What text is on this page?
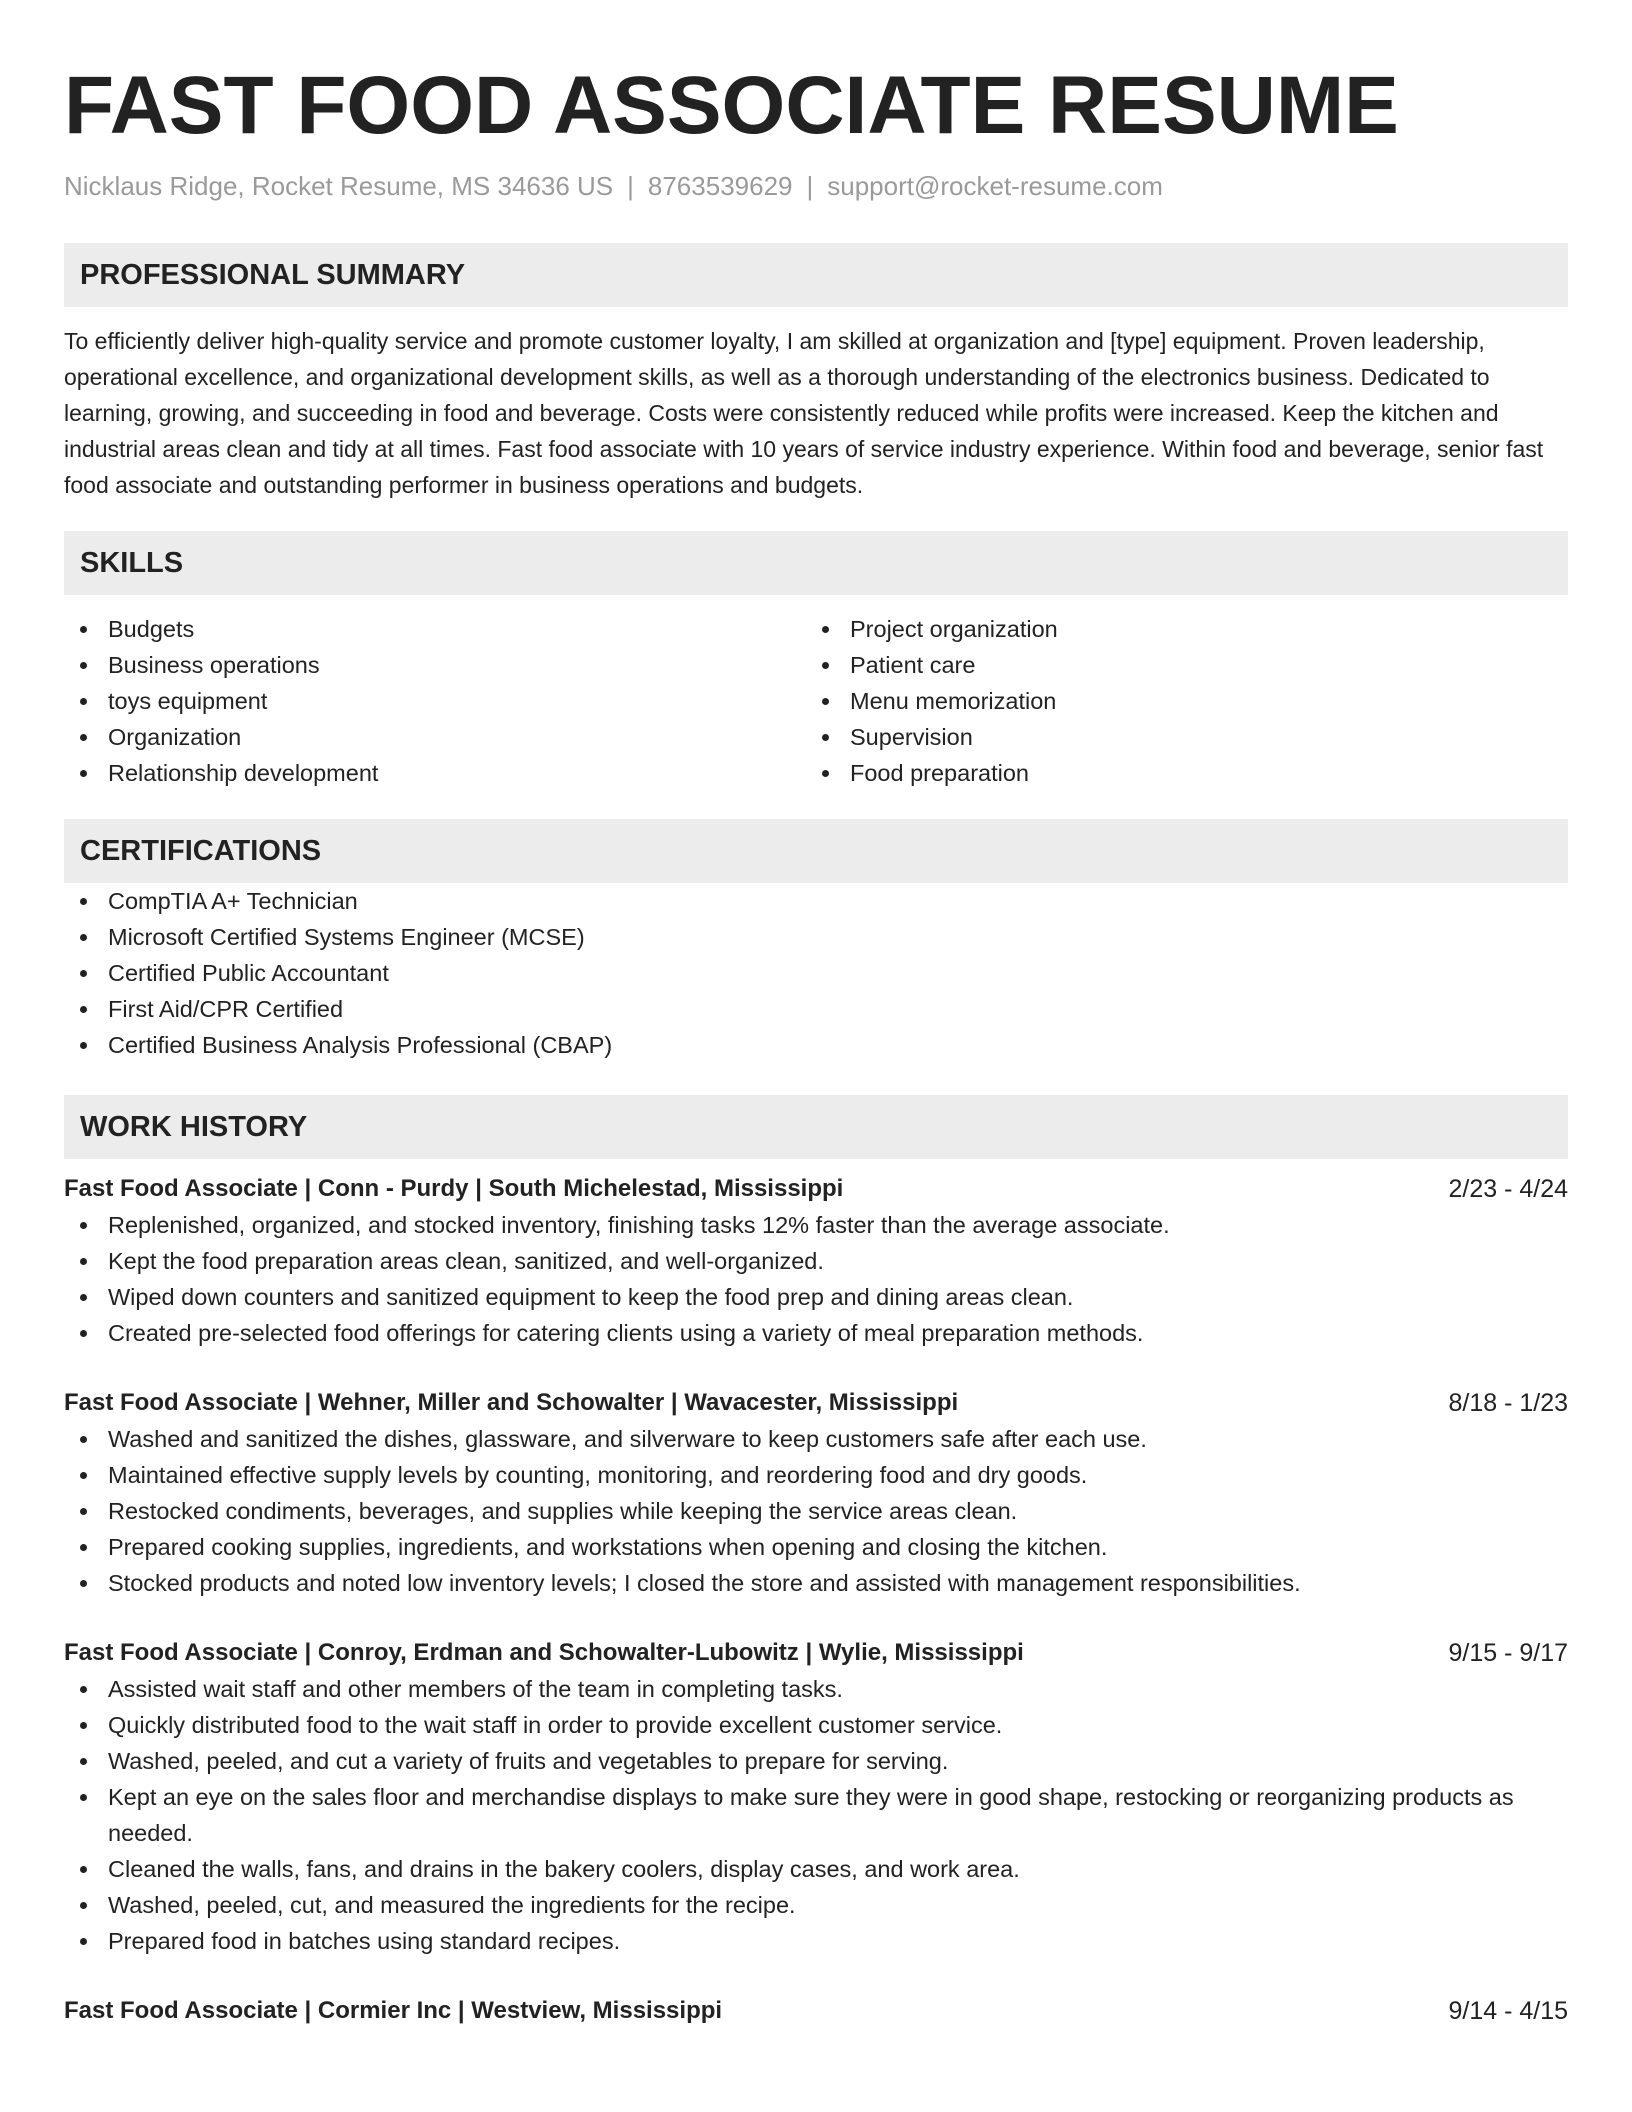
FAST FOOD ASSOCIATE RESUME
Nicklaus Ridge, Rocket Resume, MS 34636 US | 8763539629 | support@rocket-resume.com
PROFESSIONAL SUMMARY
To efficiently deliver high-quality service and promote customer loyalty, I am skilled at organization and [type] equipment. Proven leadership, operational excellence, and organizational development skills, as well as a thorough understanding of the electronics business. Dedicated to learning, growing, and succeeding in food and beverage. Costs were consistently reduced while profits were increased. Keep the kitchen and industrial areas clean and tidy at all times. Fast food associate with 10 years of service industry experience. Within food and beverage, senior fast food associate and outstanding performer in business operations and budgets.
SKILLS
Budgets
Business operations
toys equipment
Organization
Relationship development
Project organization
Patient care
Menu memorization
Supervision
Food preparation
CERTIFICATIONS
CompTIA A+ Technician
Microsoft Certified Systems Engineer (MCSE)
Certified Public Accountant
First Aid/CPR Certified
Certified Business Analysis Professional (CBAP)
WORK HISTORY
Fast Food Associate | Conn - Purdy | South Michelestad, Mississippi	2/23 - 4/24
Replenished, organized, and stocked inventory, finishing tasks 12% faster than the average associate.
Kept the food preparation areas clean, sanitized, and well-organized.
Wiped down counters and sanitized equipment to keep the food prep and dining areas clean.
Created pre-selected food offerings for catering clients using a variety of meal preparation methods.
Fast Food Associate | Wehner, Miller and Schowalter | Wavacester, Mississippi	8/18 - 1/23
Washed and sanitized the dishes, glassware, and silverware to keep customers safe after each use.
Maintained effective supply levels by counting, monitoring, and reordering food and dry goods.
Restocked condiments, beverages, and supplies while keeping the service areas clean.
Prepared cooking supplies, ingredients, and workstations when opening and closing the kitchen.
Stocked products and noted low inventory levels; I closed the store and assisted with management responsibilities.
Fast Food Associate | Conroy, Erdman and Schowalter-Lubowitz | Wylie, Mississippi	9/15 - 9/17
Assisted wait staff and other members of the team in completing tasks.
Quickly distributed food to the wait staff in order to provide excellent customer service.
Washed, peeled, and cut a variety of fruits and vegetables to prepare for serving.
Kept an eye on the sales floor and merchandise displays to make sure they were in good shape, restocking or reorganizing products as needed.
Cleaned the walls, fans, and drains in the bakery coolers, display cases, and work area.
Washed, peeled, cut, and measured the ingredients for the recipe.
Prepared food in batches using standard recipes.
Fast Food Associate | Cormier Inc | Westview, Mississippi	9/14 - 4/15
